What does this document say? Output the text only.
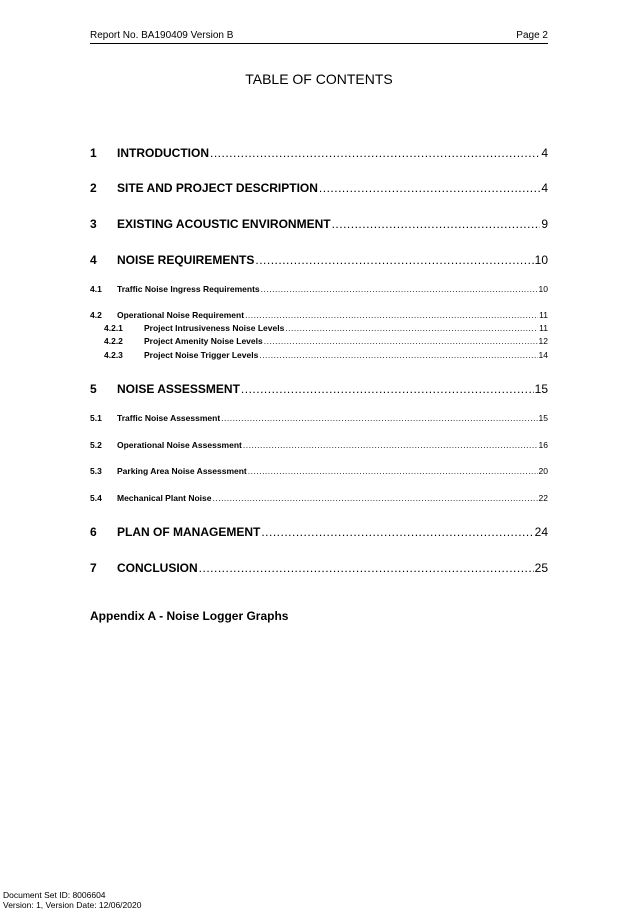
Report No. BA190409 Version B	Page 2
TABLE OF CONTENTS
1	INTRODUCTION .....	4
2	SITE AND PROJECT DESCRIPTION .....	4
3	EXISTING ACOUSTIC ENVIRONMENT .....	9
4	NOISE REQUIREMENTS .....	10
4.1	Traffic Noise Ingress Requirements .....	10
4.2	Operational Noise Requirement .....	11
4.2.1	Project Intrusiveness Noise Levels .....	11
4.2.2	Project Amenity Noise Levels .....	12
4.2.3	Project Noise Trigger Levels .....	14
5	NOISE ASSESSMENT .....	15
5.1	Traffic Noise Assessment .....	15
5.2	Operational Noise Assessment .....	16
5.3	Parking Area Noise Assessment .....	20
5.4	Mechanical Plant Noise .....	22
6	PLAN OF MANAGEMENT .....	24
7	CONCLUSION .....	25
Appendix A - Noise Logger Graphs
Document Set ID: 8006604
Version: 1, Version Date: 12/06/2020
